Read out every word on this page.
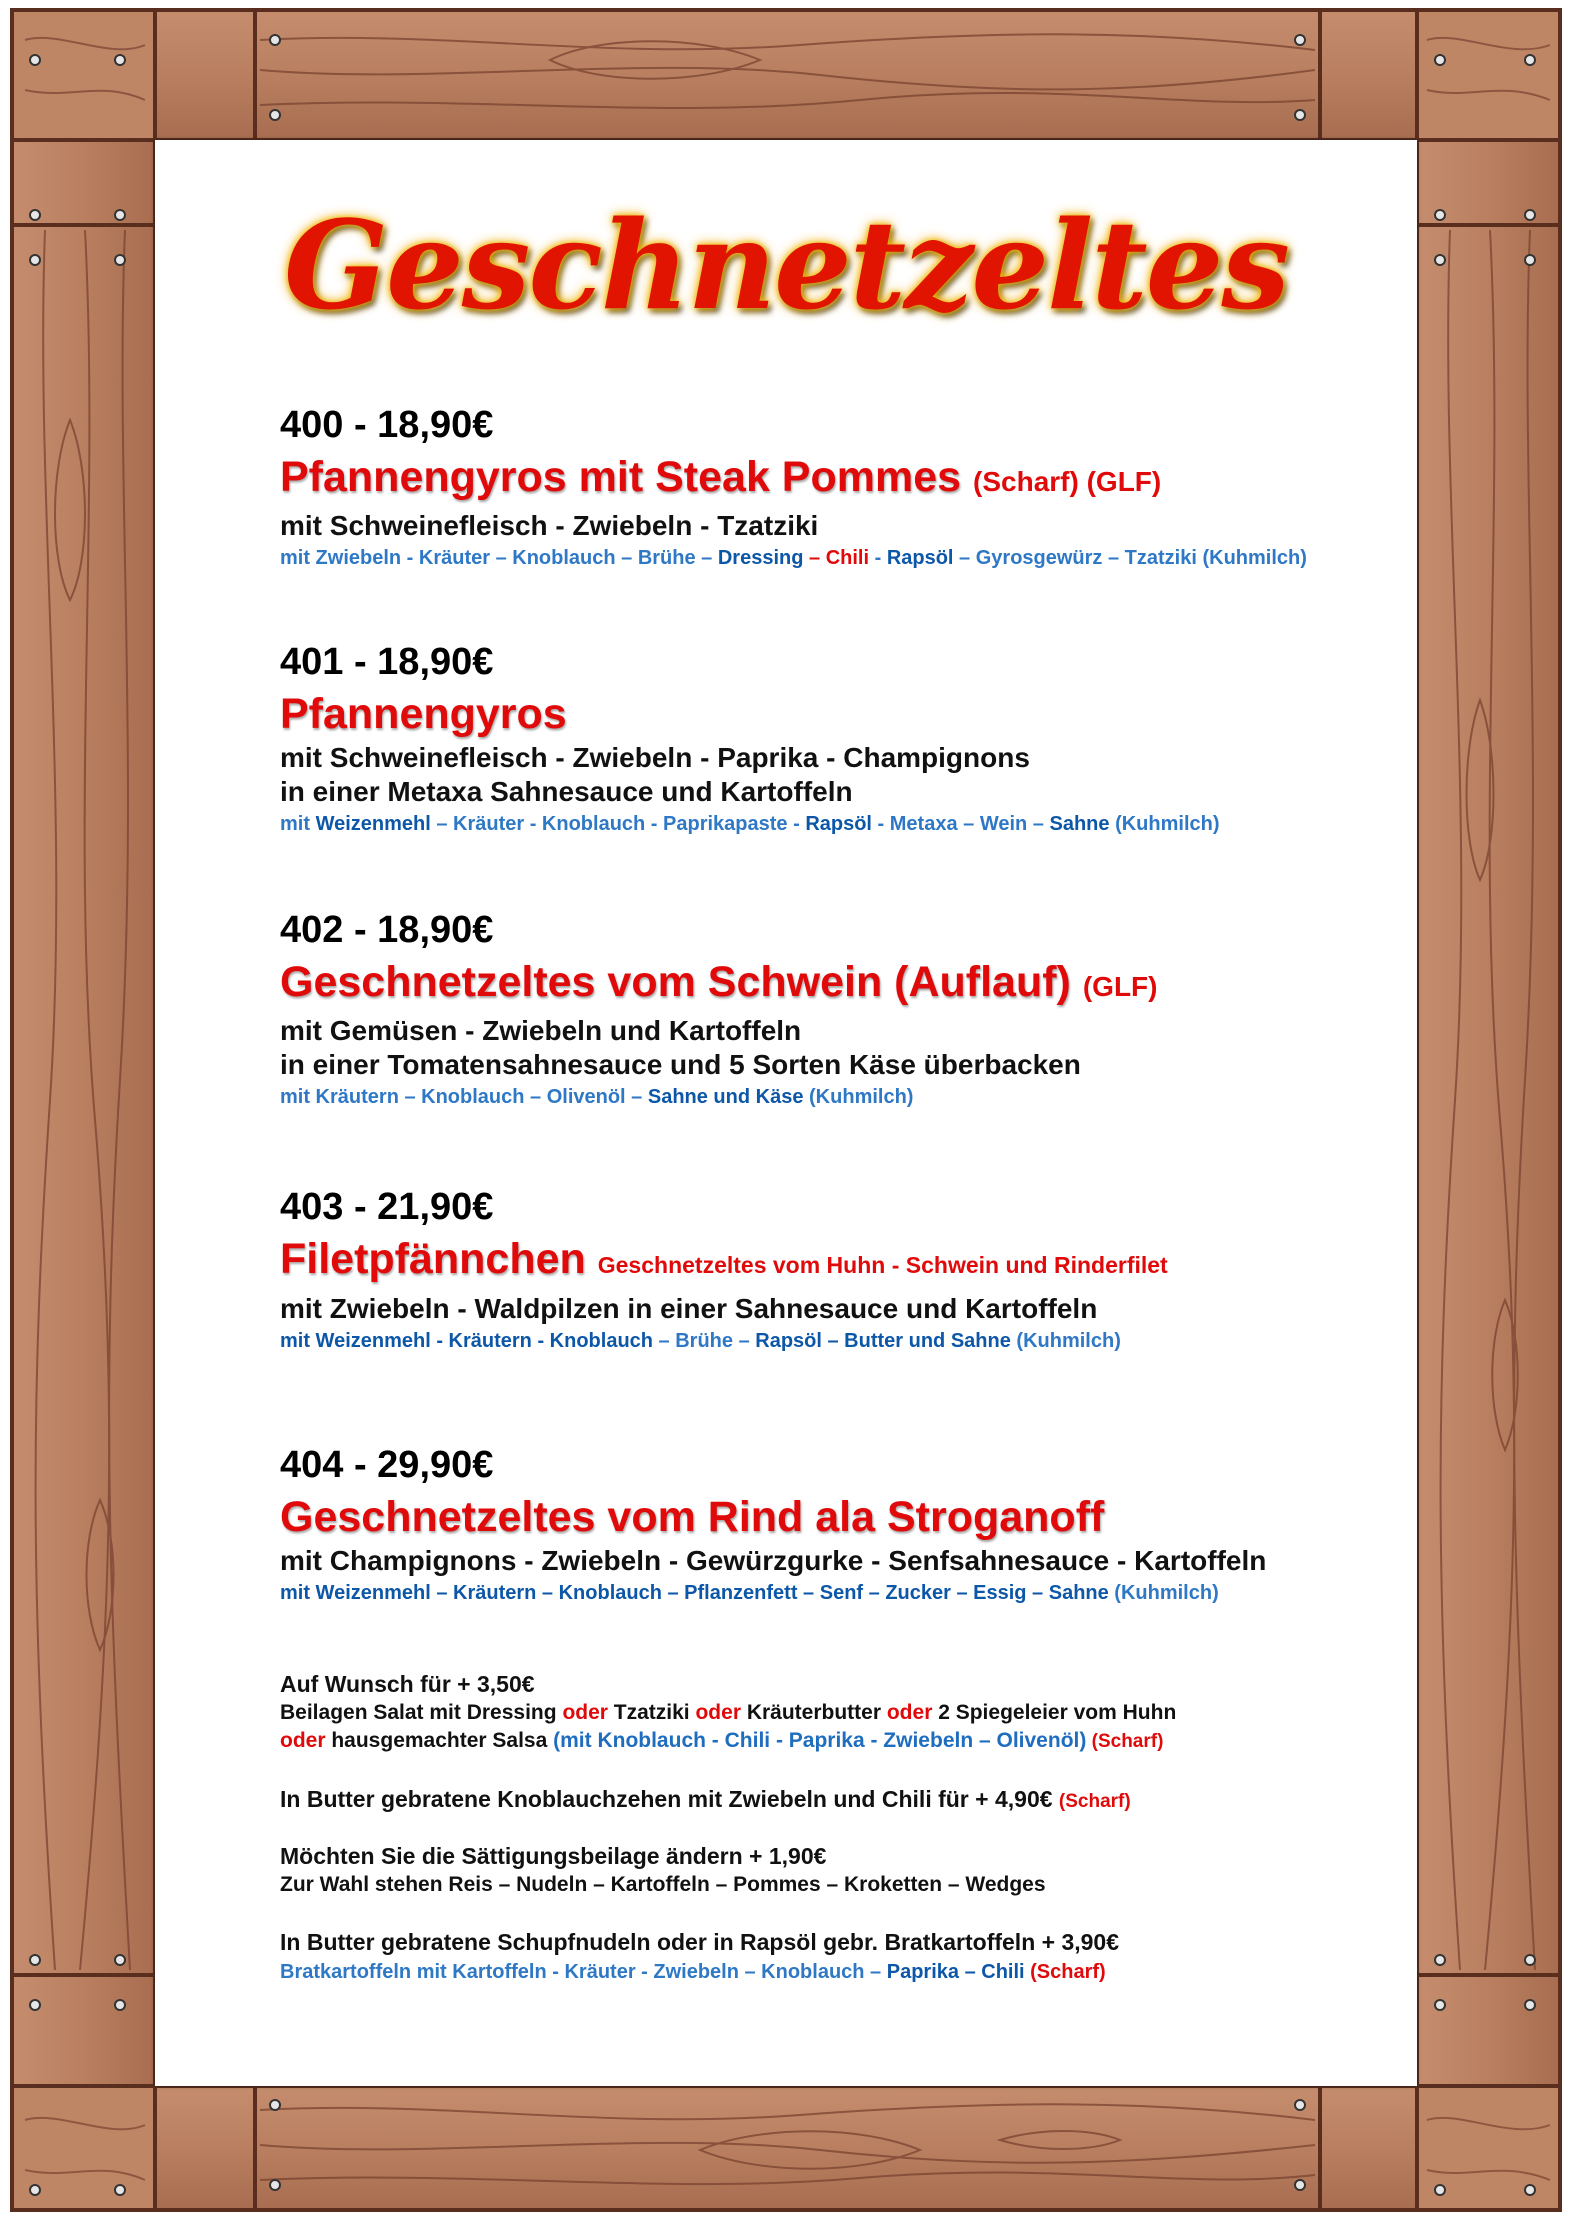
Geschnetzeltes
400 - 18,90€
Pfannengyros mit Steak Pommes (Scharf) (GLF)
mit Schweinefleisch - Zwiebeln - Tzatziki
mit Zwiebeln - Kräuter – Knoblauch – Brühe – Dressing – Chili - Rapsöl – Gyrosgewürz – Tzatziki (Kuhmilch)
401 - 18,90€
Pfannengyros
mit Schweinefleisch - Zwiebeln - Paprika - Champignons
in einer Metaxa Sahnesauce und Kartoffeln
mit Weizenmehl – Kräuter - Knoblauch - Paprikapaste - Rapsöl - Metaxa – Wein – Sahne (Kuhmilch)
402 - 18,90€
Geschnetzeltes vom Schwein (Auflauf) (GLF)
mit Gemüsen - Zwiebeln und Kartoffeln
in einer Tomatensahnesauce und 5 Sorten Käse überbacken
mit Kräutern – Knoblauch – Olivenöl – Sahne und Käse (Kuhmilch)
403 - 21,90€
Filetpfännchen Geschnetzeltes vom Huhn - Schwein und Rinderfilet
mit Zwiebeln - Waldpilzen in einer Sahnesauce und Kartoffeln
mit Weizenmehl - Kräutern - Knoblauch – Brühe – Rapsöl – Butter und Sahne (Kuhmilch)
404 - 29,90€
Geschnetzeltes vom Rind ala Stroganoff
mit Champignons - Zwiebeln - Gewürzgurke - Senfsahnesauce - Kartoffeln
mit Weizenmehl – Kräutern – Knoblauch – Pflanzenfett – Senf – Zucker – Essig – Sahne (Kuhmilch)
Auf Wunsch für + 3,50€
Beilagen Salat mit Dressing oder Tzatziki oder Kräuterbutter oder 2 Spiegeleier vom Huhn
oder hausgemachter Salsa (mit Knoblauch - Chili - Paprika - Zwiebeln – Olivenöl) (Scharf)
In Butter gebratene Knoblauchzehen mit Zwiebeln und Chili für + 4,90€ (Scharf)
Möchten Sie die Sättigungsbeilage ändern + 1,90€
Zur Wahl stehen Reis – Nudeln – Kartoffeln – Pommes – Kroketten – Wedges
In Butter gebratene Schupfnudeln oder in Rapsöl gebr. Bratkartoffeln + 3,90€
Bratkartoffeln mit Kartoffeln - Kräuter - Zwiebeln – Knoblauch – Paprika – Chili (Scharf)
